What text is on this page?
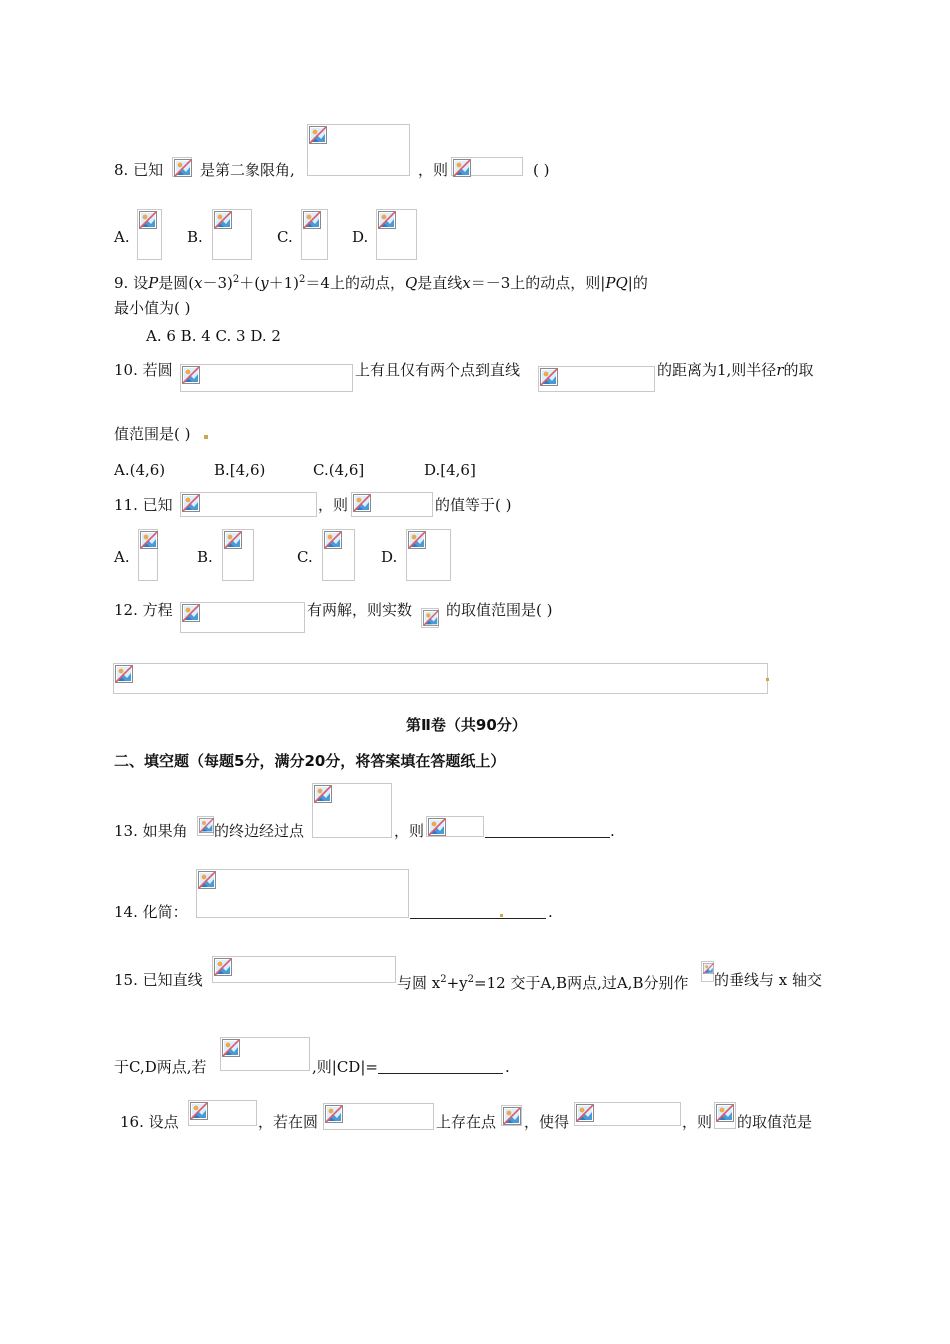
8. 已知 是第二象限角,	，则	( )
A.	B.	C.	D.
9. 设P是圆$(x-3)^2+(y+1)^2=4$上的动点，Q是直线x＝－3上的动点，则|PQ|的
最小值为( )
A. 6 B. 4 C. 3 D. 2
10. 若圆	上有且仅有两个点到直线	的距离为1,则半径r的取
值范围是( )
A.(4,6)	B.[4,6)	C.(4,6]	D.[4,6]
11. 已知	，则	的值等于( )
A.	B.	C.	D.
12. 方程	有两解，则实数 的取值范围是( )
第Ⅱ卷（共90分）
二、填空题（每题5分，满分20分，将答案填在答题纸上）
13. 如果角 的终边经过点	，则	.
14. 化简：	.
15. 已知直线	与圆 $x^2+y^2=12$ 交于A,B两点,过A,B分别作 的垂线与 x 轴交
于C,D两点,若	,则|CD|=	.
16. 设点	，若在圆	上存在点 ，使得	，则 的取值范是
